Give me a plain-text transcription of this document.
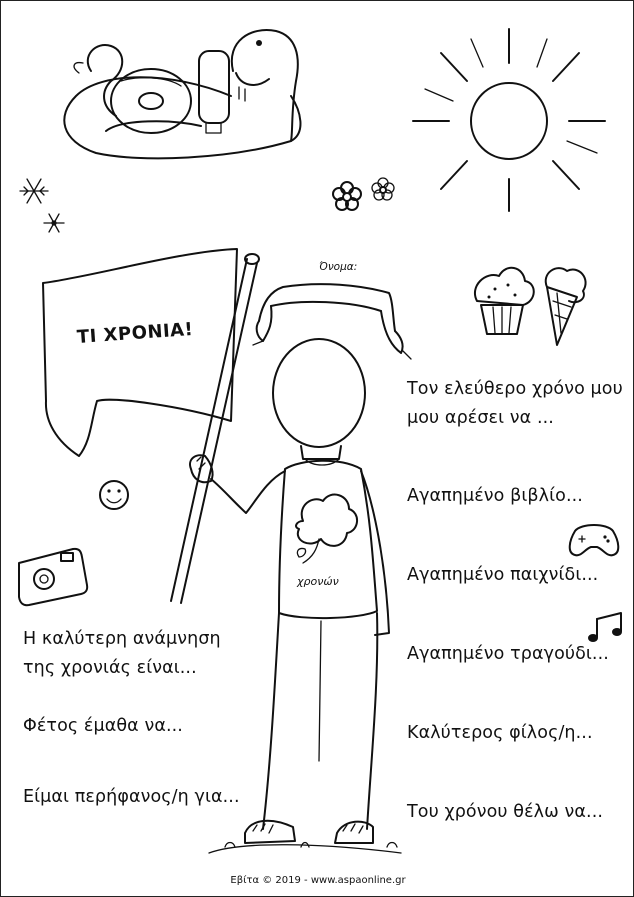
ΤΙ ΧΡΟΝΙΑ!
Όνομα:
χρονών
Τον ελεύθερο χρόνο μου
μου αρέσει να ...
Αγαπημένο βιβλίο...
Αγαπημένο παιχνίδι...
Αγαπημένο τραγούδι...
Καλύτερος φίλος/η...
Του χρόνου θέλω να...
Η καλύτερη ανάμνηση
της χρονιάς είναι...
Φέτος έμαθα να...
Είμαι περήφανος/η για...
Εβίτα © 2019 - www.aspaonline.gr
